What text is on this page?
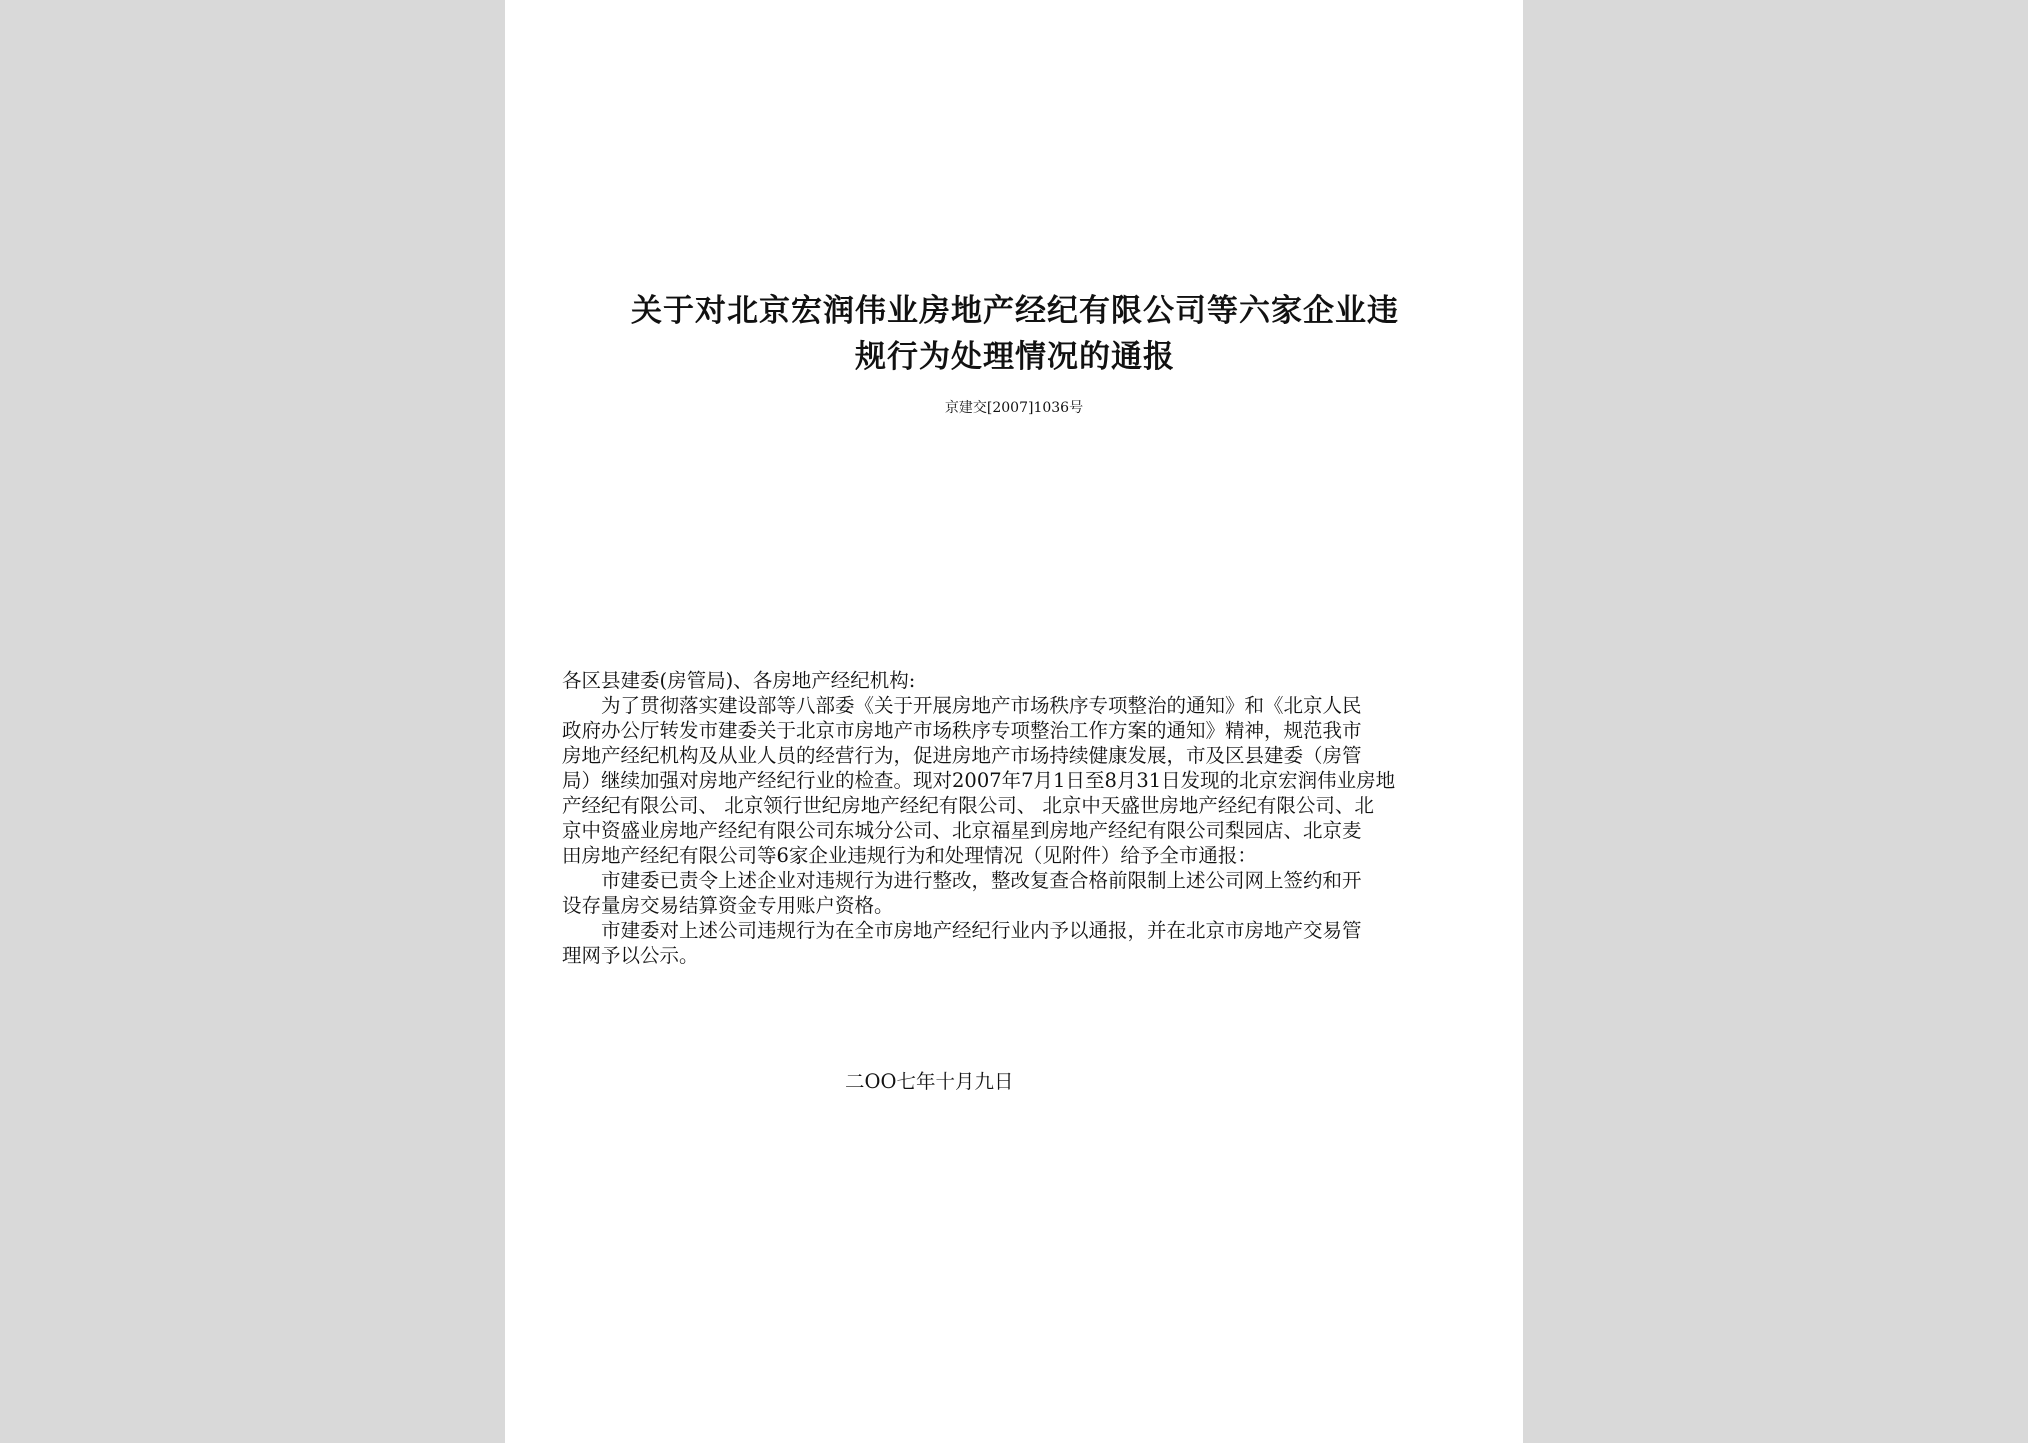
关于对北京宏润伟业房地产经纪有限公司等六家企业违
规行为处理情况的通报
京建交[2007]1036号
各区县建委(房管局)、各房地产经纪机构:
　　为了贯彻落实建设部等八部委《关于开展房地产市场秩序专项整治的通知》和《北京人民
政府办公厅转发市建委关于北京市房地产市场秩序专项整治工作方案的通知》精神，规范我市
房地产经纪机构及从业人员的经营行为，促进房地产市场持续健康发展，市及区县建委（房管
局）继续加强对房地产经纪行业的检查。现对2007年7月1日至8月31日发现的北京宏润伟业房地
产经纪有限公司、 北京领行世纪房地产经纪有限公司、 北京中天盛世房地产经纪有限公司、北
京中资盛业房地产经纪有限公司东城分公司、北京福星到房地产经纪有限公司梨园店、北京麦
田房地产经纪有限公司等6家企业违规行为和处理情况（见附件）给予全市通报：
　　市建委已责令上述企业对违规行为进行整改，整改复查合格前限制上述公司网上签约和开
设存量房交易结算资金专用账户资格。
　　市建委对上述公司违规行为在全市房地产经纪行业内予以通报，并在北京市房地产交易管
理网予以公示。
二OO七年十月九日
